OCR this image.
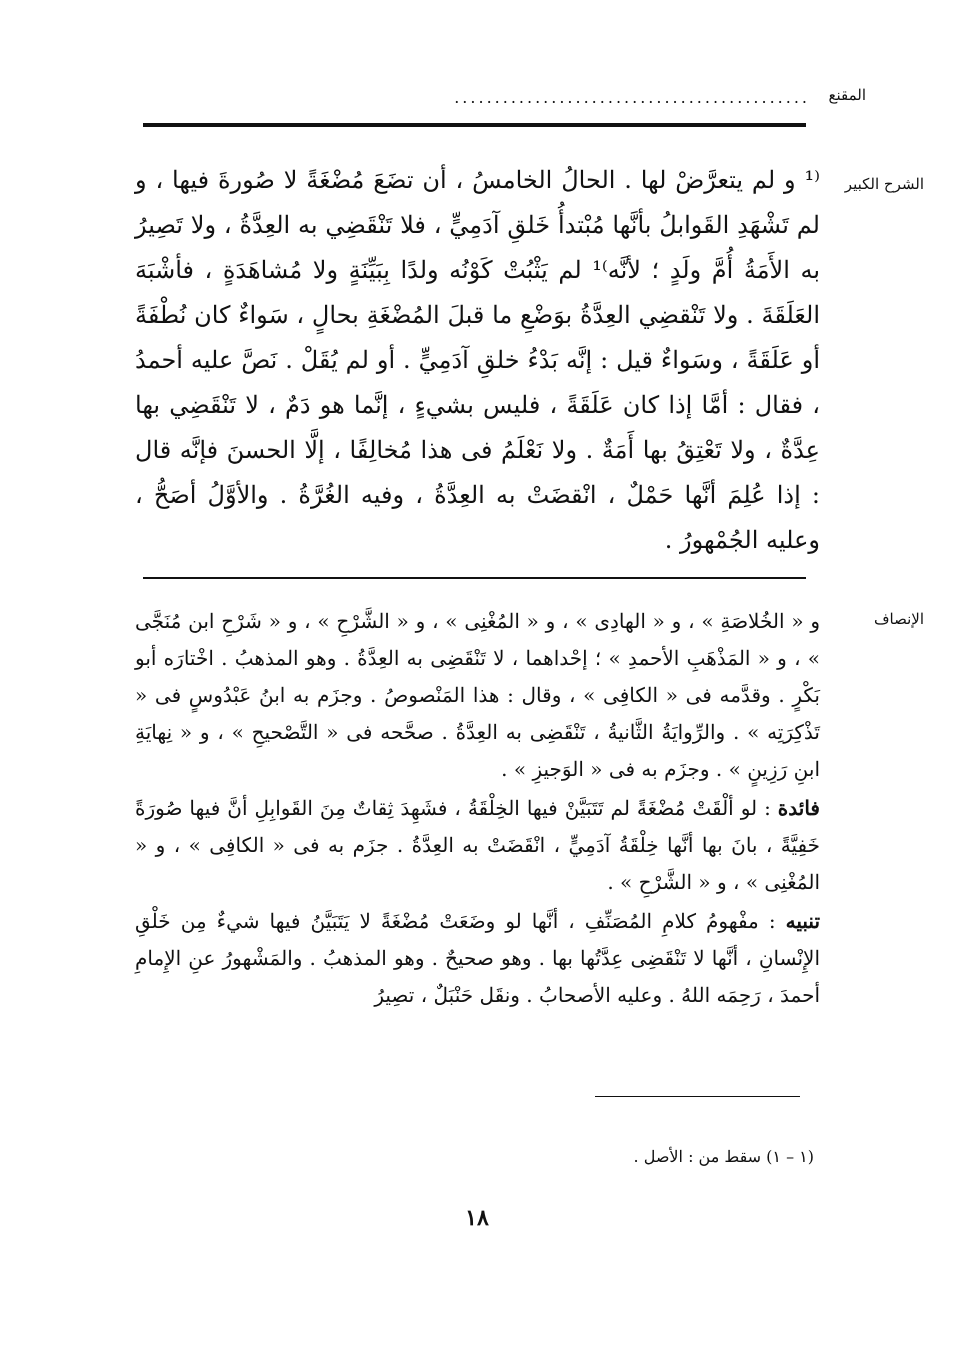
المقنع
............................................
الشرح الكبير
⁽¹ و لم يتعرَّضْ لها . الحالُ الخامسُ ، أن تضَعَ مُضْغَةً لا صُورةَ فيها ، و لم تَشْهَدِ القَوابلُ بأنَّها مُبْتدأُ خَلقِ آدَمِيٍّ ، فلا تَنْقَضِي به العِدَّةُ ، ولا تَصِيرُ به الأَمَةُ أُمَّ ولَدٍ ؛ لأنَّه⁾¹ لم يَثْبُتْ كَوْنُه ولدًا بِبَيِّنَةٍ ولا مُشاهَدَةٍ ، فأشْبَهَ العَلَقَةَ . ولا تَنْقضِي العِدَّةُ بوَضْعِ ما قبلَ المُضْغَةِ بحالٍ ، سَواءٌ كان نُطْفَةً أو عَلَقَةً ، وسَواءٌ قيل : إنَّه بَدْءُ خلقِ آدَمِيٍّ . أو لم يُقَلْ . نَصَّ عليه أحمدُ ، فقال : أمَّا إذا كان عَلَقَةً ، فليس بشيءٍ ، إنَّما هو دَمٌ ، لا تَنْقَضِي بها عِدَّةٌ ، ولا تَعْتِقُ بها أَمَةٌ . ولا نَعْلَمُ فى هذا مُخالِفًا ، إلَّا الحسنَ فإنَّه قال : إذا عُلِمَ أنَّها حَمْلٌ ، انْقضَتْ به العِدَّةُ ، وفيه الغُرَّةُ . والأوَّلُ أصَحُّ ، وعليه الجُمْهورُ .
الإنصاف

و « الخُلاصَةِ » ، و « الهادِى » ، و « المُغْنِى » ، و « الشَّرْحِ » ، و « شَرْحِ ابن مُنَجَّى » ، و « المَذْهَبِ الأحمدِ » ؛ إحْداهما ، لا تَنْقَضِى به العِدَّةُ . وهو المذهبُ . اخْتارَه أبو بَكْرٍ . وقدَّمه فى « الكافِى » ، وقال : هذا المَنْصوصُ . وجزَم به ابنُ عَبْدُوسٍ فى « تَذْكِرَتِه » . والرِّوايَةُ الثَّانيةُ ، تَنْقَضِى به العِدَّةُ . صحَّحه فى « التَّصْحيحِ » ، و « نِهايَةِ ابنِ رَزِينٍ » . وجزَم به فى « الوَجيزِ » .

فائدة : لو ألْقَتْ مُضْغَةً لم تَتَبَيَّنْ فيها الخِلْقَةُ ، فشَهِدَ ثِقاتٌ مِنَ القَوابِلِ أنَّ فيها صُورَةً خَفِيَّةً ، بانَ بها أنَّها خِلْقَةُ آدَمِيٍّ ، انْقَضَتْ به العِدَّةُ . جزَم به فى « الكافِى » ، و « المُغْنِى » ، و « الشَّرْحِ » .

تنبيه : مفْهومُ كلامِ المُصَنِّفِ ، أنَّها لو وضَعَتْ مُضْغَةً لا يَتَبَيَّنُ فيها شيءٌ مِن خَلْقِ الإِنْسانِ ، أنَّها لا تَنْقَضِى عِدَّتُها بها . وهو صحيحٌ . وهو المذهبُ . والمَشْهورُ عنِ الإِمامِ أحمدَ ، رَحِمَه اللهُ . وعليه الأصحابُ . ونقَل حَنْبَلٌ ، تصِيرُ

(١ – ١) سقط من : الأصل .
١٨
